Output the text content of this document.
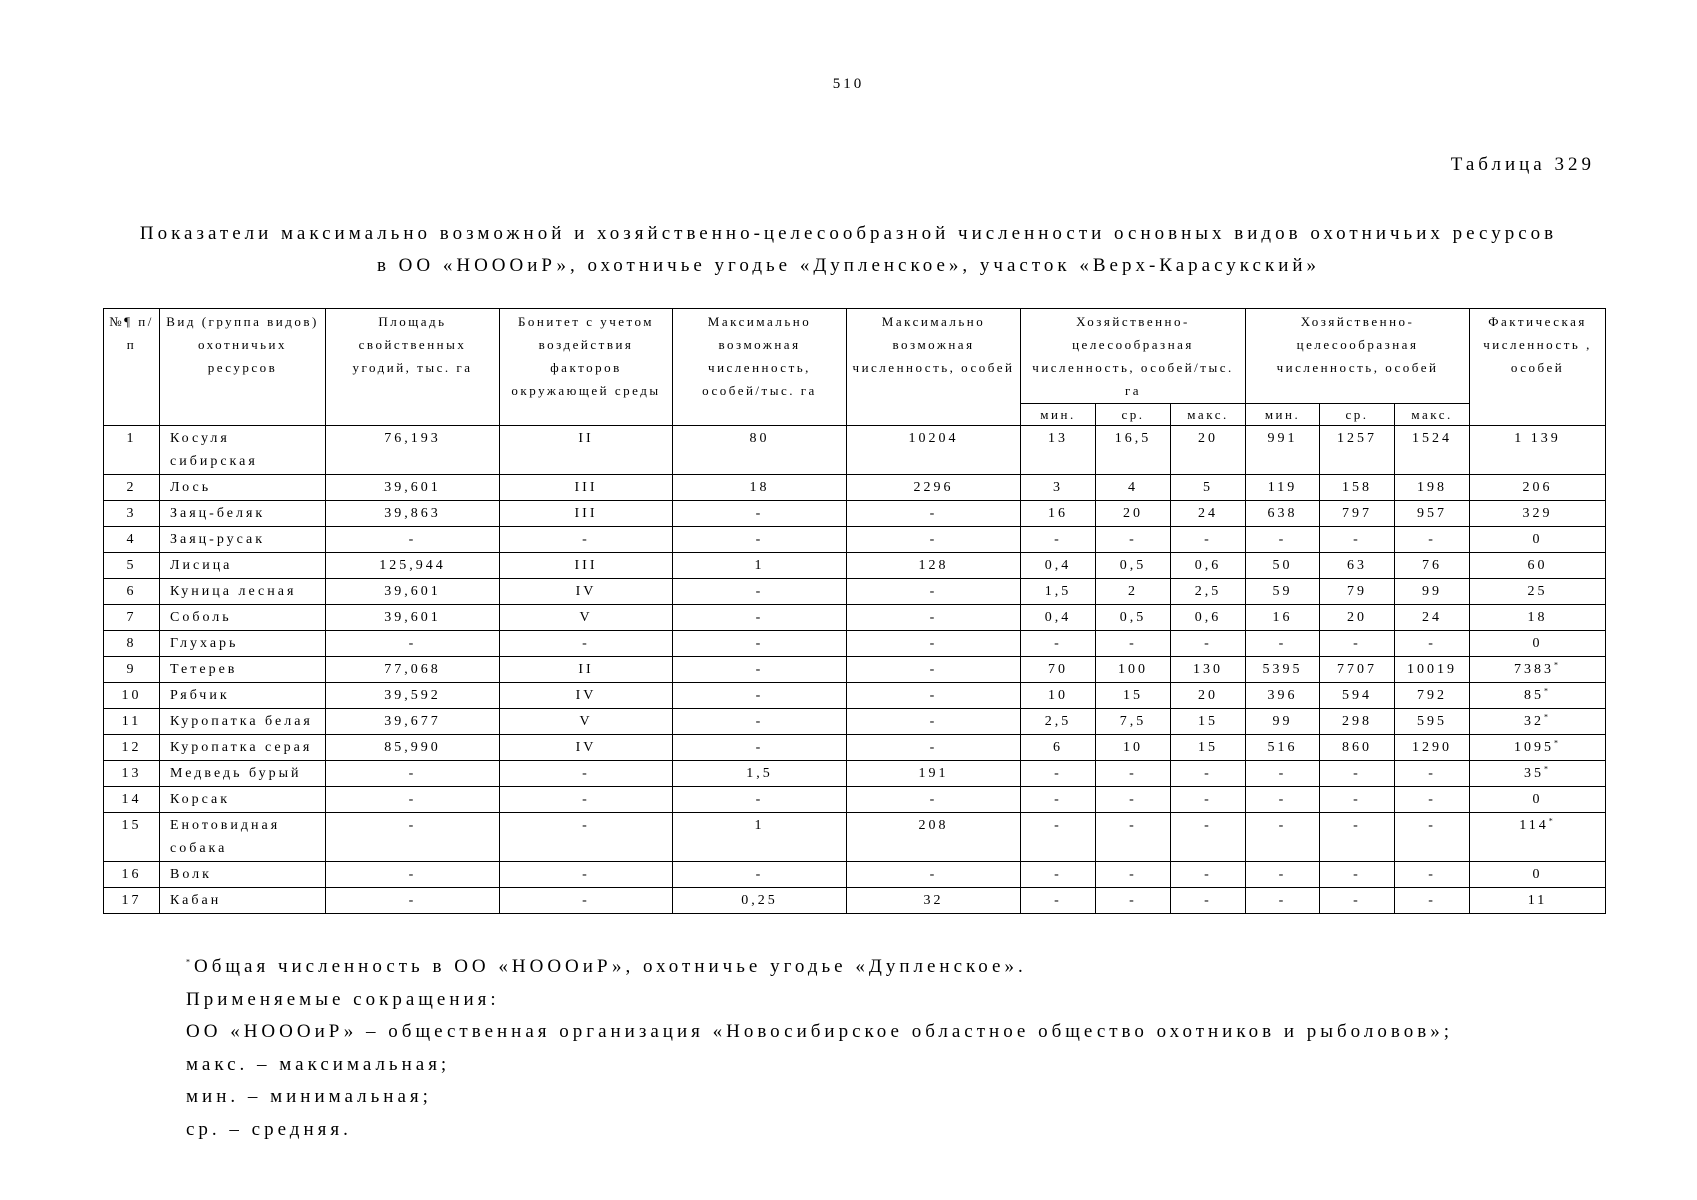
510
Таблица 329
Показатели максимально возможной и хозяйственно-целесообразной численности основных видов охотничьих ресурсов
в ОО «НОООиР», охотничье угодье «Дупленское», участок «Верх-Карасукский»
№¶ п/п	Вид (группа видов) охотничьих ресурсов	Площадь свойственных угодий, тыс. га	Бонитет с учетом воздействия факторов окружающей среды	Максимально возможная численность, особей/тыс. га	Максимально возможная численность, особей	Хозяйственно-целесообразная численность, особей/тыс. га			Хозяйственно-целесообразная численность, особей			Фактическая численность , особей
						мин.	ср.	макс.	мин.	ср.	макс.	
1	Косуля сибирская	76,193	II	80	10204	13	16,5	20	991	1257	1524	1 139
2	Лось	39,601	III	18	2296	3	4	5	119	158	198	206
3	Заяц-беляк	39,863	III	-	-	16	20	24	638	797	957	329
4	Заяц-русак	-	-	-	-	-	-	-	-	-	-	0
5	Лисица	125,944	III	1	128	0,4	0,5	0,6	50	63	76	60
6	Куница лесная	39,601	IV	-	-	1,5	2	2,5	59	79	99	25
7	Соболь	39,601	V	-	-	0,4	0,5	0,6	16	20	24	18
8	Глухарь	-	-	-	-	-	-	-	-	-	-	0
9	Тетерев	77,068	II	-	-	70	100	130	5395	7707	10019	7383*
10	Рябчик	39,592	IV	-	-	10	15	20	396	594	792	85*
11	Куропатка белая	39,677	V	-	-	2,5	7,5	15	99	298	595	32*
12	Куропатка серая	85,990	IV	-	-	6	10	15	516	860	1290	1095*
13	Медведь бурый	-	-	1,5	191	-	-	-	-	-	-	35*
14	Корсак	-	-	-	-	-	-	-	-	-	-	0
15	Енотовидная собака	-	-	1	208	-	-	-	-	-	-	114*
16	Волк	-	-	-	-	-	-	-	-	-	-	0
17	Кабан	-	-	0,25	32	-	-	-	-	-	-	11
*Общая численность в ОО «НОООиР», охотничье угодье «Дупленское».
Применяемые сокращения:
ОО «НОООиР» – общественная организация «Новосибирское областное общество охотников и рыболовов»;
макс. – максимальная;
мин. – минимальная;
ср. – средняя.
